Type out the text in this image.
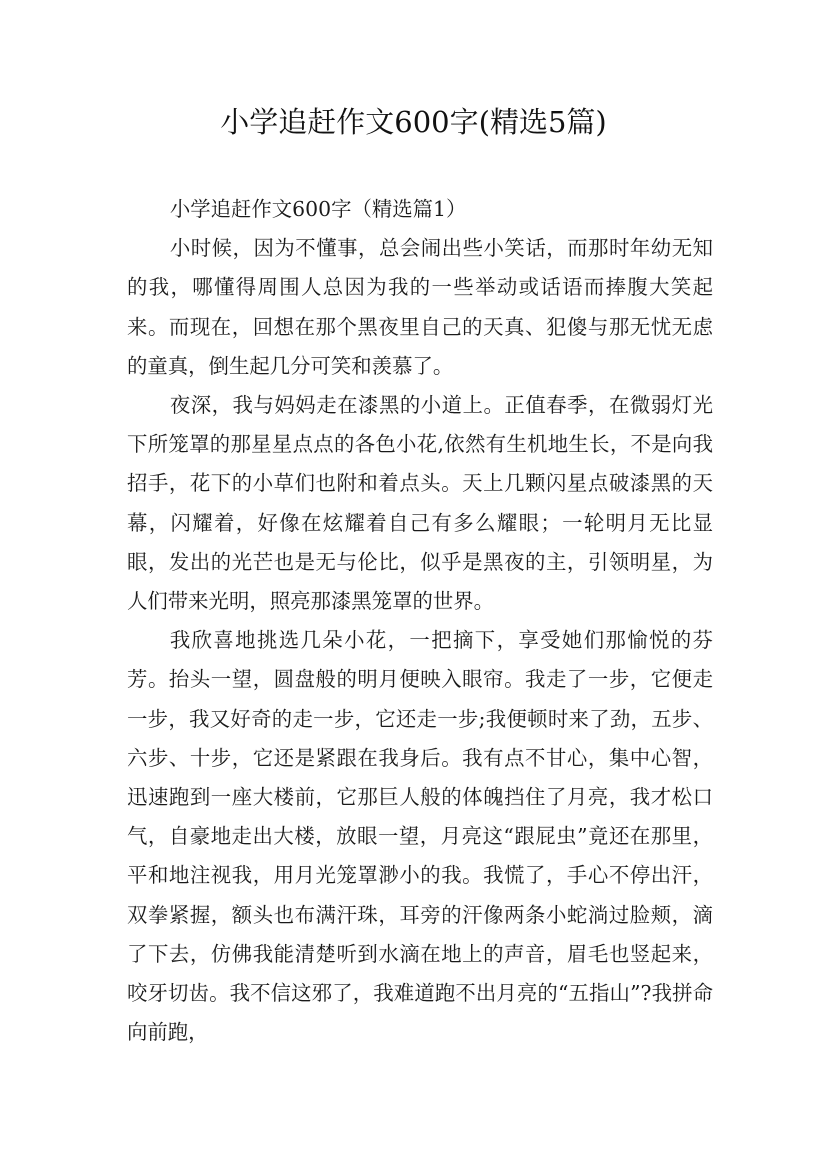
小学追赶作文600字(精选5篇)

小学追赶作文600字（精选篇1）

小时候，因为不懂事，总会闹出些小笑话，而那时年幼无知的我，哪懂得周围人总因为我的一些举动或话语而捧腹大笑起来。而现在，回想在那个黑夜里自己的天真、犯傻与那无忧无虑的童真，倒生起几分可笑和羡慕了。

夜深，我与妈妈走在漆黑的小道上。正值春季，在微弱灯光下所笼罩的那星星点点的各色小花,依然有生机地生长，不是向我招手，花下的小草们也附和着点头。天上几颗闪星点破漆黑的天幕，闪耀着，好像在炫耀着自己有多么耀眼；一轮明月无比显眼，发出的光芒也是无与伦比，似乎是黑夜的主，引领明星，为人们带来光明，照亮那漆黑笼罩的世界。

我欣喜地挑选几朵小花，一把摘下，享受她们那愉悦的芬芳。抬头一望，圆盘般的明月便映入眼帘。我走了一步，它便走一步，我又好奇的走一步，它还走一步;我便顿时来了劲，五步、六步、十步，它还是紧跟在我身后。我有点不甘心，集中心智，迅速跑到一座大楼前，它那巨人般的体魄挡住了月亮，我才松口气，自豪地走出大楼，放眼一望，月亮这“跟屁虫”竟还在那里，平和地注视我，用月光笼罩渺小的我。我慌了，手心不停出汗，双拳紧握，额头也布满汗珠，耳旁的汗像两条小蛇淌过脸颊，滴了下去，仿佛我能清楚听到水滴在地上的声音，眉毛也竖起来，咬牙切齿。我不信这邪了，我难道跑不出月亮的“五指山”?我拼命向前跑，
